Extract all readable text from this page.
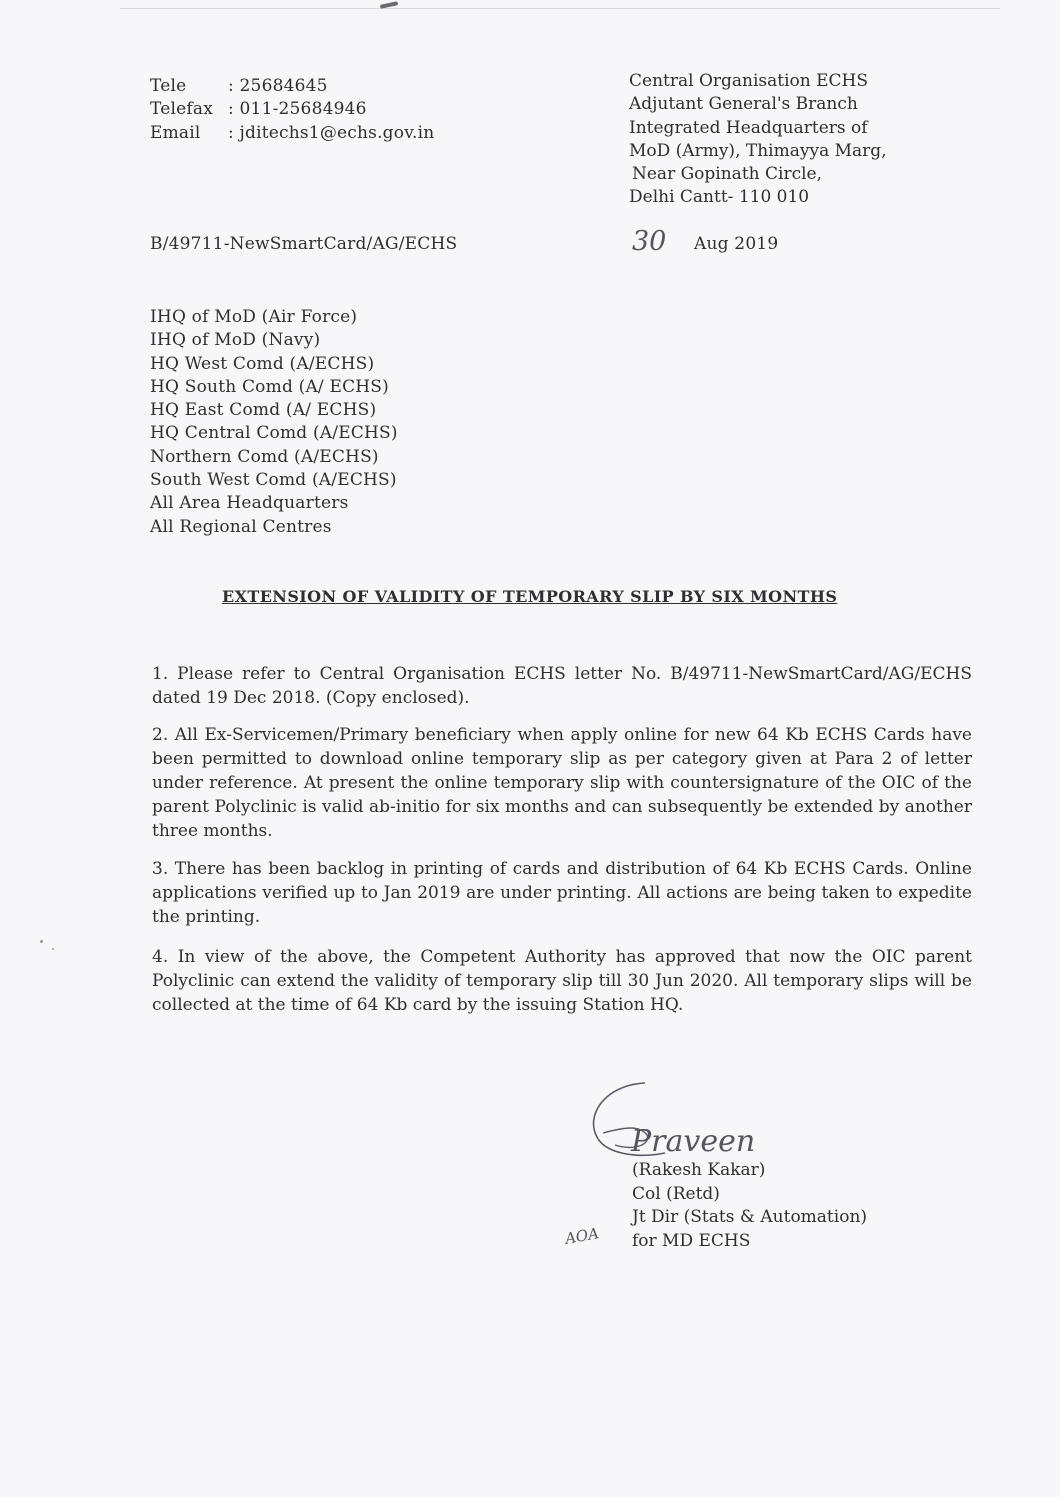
Tele	: 25684645
Telefax : 011-25684946
Email	: jditechs1@echs.gov.in
Central Organisation ECHS
Adjutant General's Branch
Integrated Headquarters of
MoD (Army), Thimayya Marg,
Near Gopinath Circle,
Delhi Cantt- 110 010
B/49711-NewSmartCard/AG/ECHS	30 Aug 2019
IHQ of MoD (Air Force)
IHQ of MoD (Navy)
HQ West Comd (A/ECHS)
HQ South Comd (A/ ECHS)
HQ East Comd (A/ ECHS)
HQ Central Comd (A/ECHS)
Northern Comd (A/ECHS)
South West Comd (A/ECHS)
All Area Headquarters
All Regional Centres
EXTENSION OF VALIDITY OF TEMPORARY SLIP BY SIX MONTHS
1. Please refer to Central Organisation ECHS letter No. B/49711-NewSmartCard/AG/ECHS dated 19 Dec 2018. (Copy enclosed).
2. All Ex-Servicemen/Primary beneficiary when apply online for new 64 Kb ECHS Cards have been permitted to download online temporary slip as per category given at Para 2 of letter under reference. At present the online temporary slip with countersignature of the OIC of the parent Polyclinic is valid ab-initio for six months and can subsequently be extended by another three months.
3. There has been backlog in printing of cards and distribution of 64 Kb ECHS Cards. Online applications verified up to Jan 2019 are under printing. All actions are being taken to expedite the printing.
4. In view of the above, the Competent Authority has approved that now the OIC parent Polyclinic can extend the validity of temporary slip till 30 Jun 2020. All temporary slips will be collected at the time of 64 Kb card by the issuing Station HQ.
Praveen
(Rakesh Kakar)
Col (Retd)
Jt Dir (Stats & Automation)
for MD ECHS
AOA
